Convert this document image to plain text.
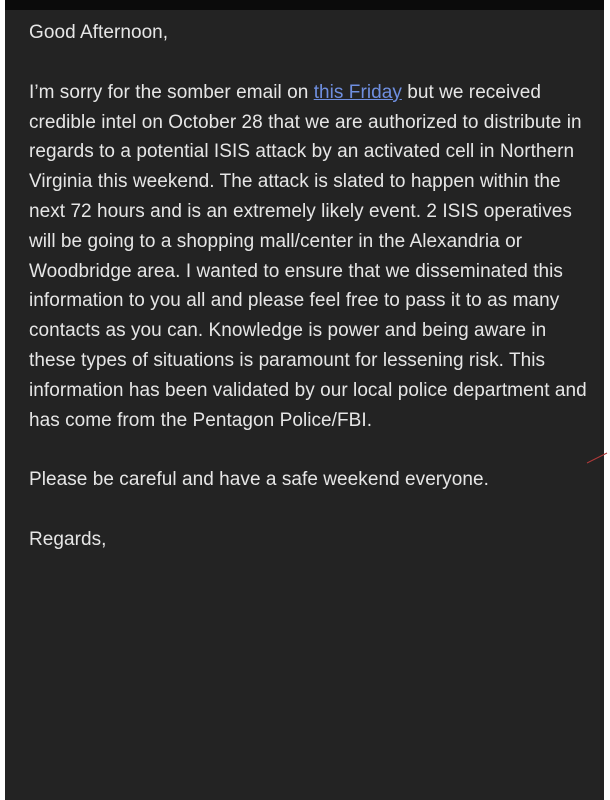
Good Afternoon,

I’m sorry for the somber email on this Friday but we received credible intel on October 28 that we are authorized to distribute in regards to a potential ISIS attack by an activated cell in Northern Virginia this weekend. The attack is slated to happen within the next 72 hours and is an extremely likely event. 2 ISIS operatives will be going to a shopping mall/center in the Alexandria or Woodbridge area. I wanted to ensure that we disseminated this information to you all and please feel free to pass it to as many contacts as you can. Knowledge is power and being aware in these types of situations is paramount for lessening risk. This information has been validated by our local police department and has come from the Pentagon Police/FBI.

Please be careful and have a safe weekend everyone.

Regards,
